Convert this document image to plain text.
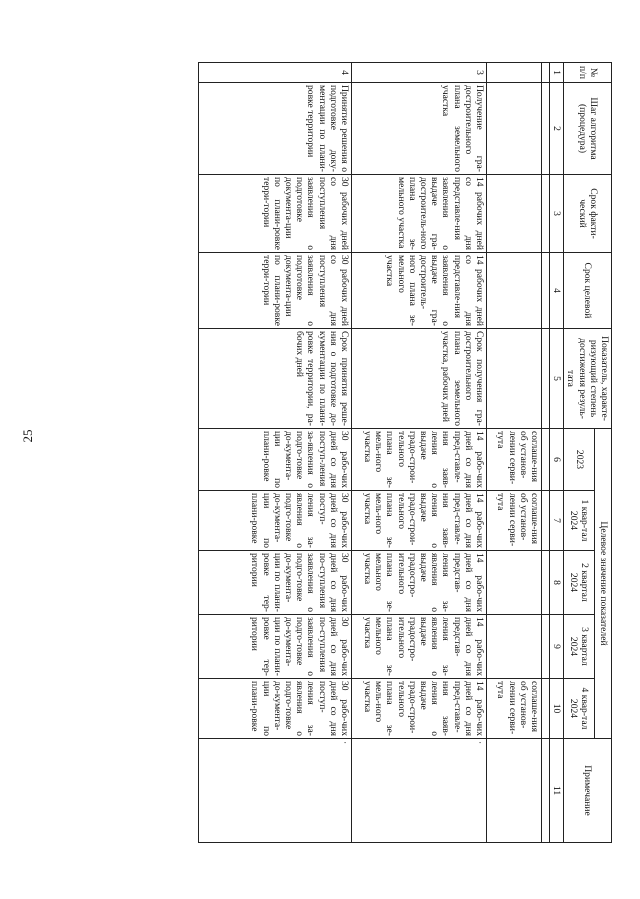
25
№ п/п	Шаг алгоритма (процедура)	Срок факти-ческий	Срок целевой	Показатель, характе-ризующий степень достижения резуль-тата	Целевое значение показателей					Примечание
					2023	1 квар-тал 2024	2 квартал 2024	3 квартал 2024	4 квар-тал 2024	
1	2	3	4	5	6	7	8	9	10	11

					соглаше-ния об установ-лении серви-тута	соглаше-ния об установ-лении серви-тута			соглаше-ния об установ-лении серви-тута	
3	Получение гра-достроительного плана земельного участка	14 рабочих дней со дня представле-ния заявления о выдаче гра-достроитель-ного плана зе-мельного участка	14 рабочих дней со дня представле-ния заявления о выдаче гра-достроитель-ного плана зе-мельного участка	Срок получения гра-достроительного плана земельного участка, рабочих дней	14 рабо-чих дней со дня пред-ставле-ния заяв-ления о выдаче градо-строи-тельного плана зе-мель-ного участка	14 рабо-чих дней со дня пред-ставле-ния заяв-ления о выдаче градо-строи-тельного плана зе-мель-ного участка	14 рабо-чих дней со дня представ-ления за-явления о выдаче градостро-ительного плана зе-мельного участка	14 рабо-чих дней со дня представ-ления за-явления о выдаче градостро-ительного плана зе-мельного участка	14 рабо-чих дней со дня пред-ставле-ния заяв-ления о выдаче градо-строи-тельного плана зе-мель-ного участка	·
4	Принятие решения о подготовке доку-ментации по плани-ровке территории	30 рабочих дней со дня поступления заявления о подготовке документа-ции по плани-ровке терри-тории	30 рабочих дней со дня поступления заявления о подготовке документа-ции по плани-ровке терри-тории	Срок принятия реше-ния о подготовке до-кументации по плани-ровке территории, ра-бочих дней	30 рабо-чих дней со дня поступ-ления за-явления о подго-товке до-кумента-ции по плани-ровке	30 рабо-чих дней со дня поступ-ления за-явления о подго-товке до-кумента-ции по плани-ровке	30 рабо-чих дней со дня по-ступления заявления о подго-товке до-кумента-ции по плани-ровке тер-ритории	30 рабо-чих дней со дня по-ступления заявления о подго-товке до-кумента-ции по плани-ровке тер-ритории	30 рабо-чих дней со дня поступ-ления за-явления о подго-товке до-кумента-ции по плани-ровке	·
